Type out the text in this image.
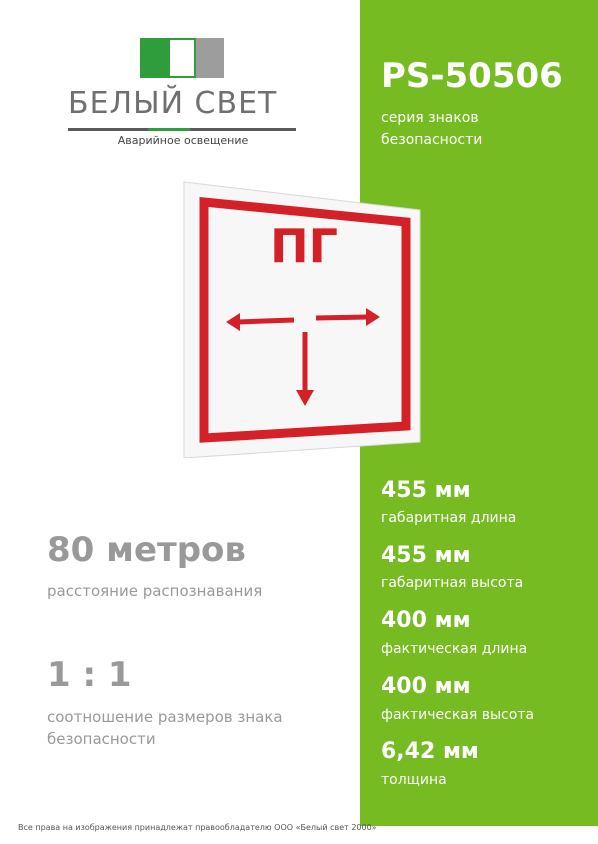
БЕЛЫЙ СВЕТ
Аварийное освещение
PS-50506
серия знаков безопасности
ПГ
80 метров
расстояние распознавания
1 : 1
соотношение размеров знака безопасности
455 мм
габаритная длина
455 мм
габаритная высота
400 мм
фактическая длина
400 мм
фактическая высота
6,42 мм
толщина
Все права на изображения принадлежат правообладателю ООО «Белый свет 2000»
